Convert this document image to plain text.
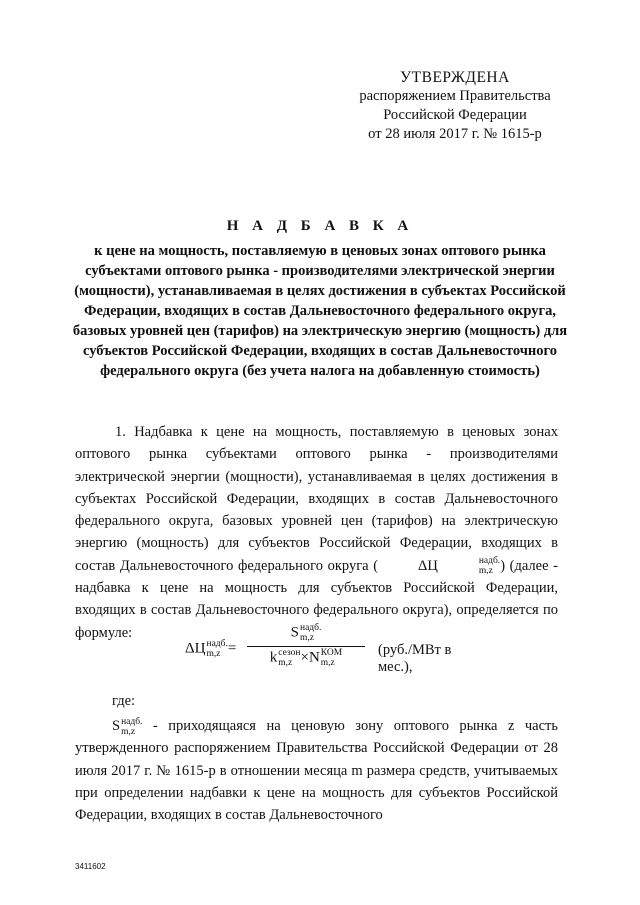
УТВЕРЖДЕНА
распоряжением Правительства
Российской Федерации
от 28 июля 2017 г. № 1615-р
Н А Д Б А В К А
к цене на мощность, поставляемую в ценовых зонах оптового рынка субъектами оптового рынка - производителями электрической энергии (мощности), устанавливаемая в целях достижения в субъектах Российской Федерации, входящих в состав Дальневосточного федерального округа, базовых уровней цен (тарифов) на электрическую энергию (мощность) для субъектов Российской Федерации, входящих в состав Дальневосточного федерального округа (без учета налога на добавленную стоимость)
1. Надбавка к цене на мощность, поставляемую в ценовых зонах оптового рынка субъектами оптового рынка - производителями электрической энергии (мощности), устанавливаемая в целях достижения в субъектах Российской Федерации, входящих в состав Дальневосточного федерального округа, базовых уровней цен (тарифов) на электрическую энергию (мощность) для субъектов Российской Федерации, входящих в состав Дальневосточного федерального округа (	ΔЦ	надб.
m,z ) (далее - надбавка к цене на мощность для субъектов Российской Федерации, входящих в состав Дальневосточного федерального округа), определяется по формуле:
ΔЦ надб.
m,z =
S надб.
m,z
k сезон
m,z ×N КОМ
m,z
(руб./МВт в мес.),
где:
S надб.
m,z - приходящаяся на ценовую зону оптового рынка z часть утвержденного распоряжением Правительства Российской Федерации от 28 июля 2017 г. № 1615-р в отношении месяца m размера средств, учитываемых при определении надбавки к цене на мощность для субъектов Российской Федерации, входящих в состав Дальневосточного
3411602
